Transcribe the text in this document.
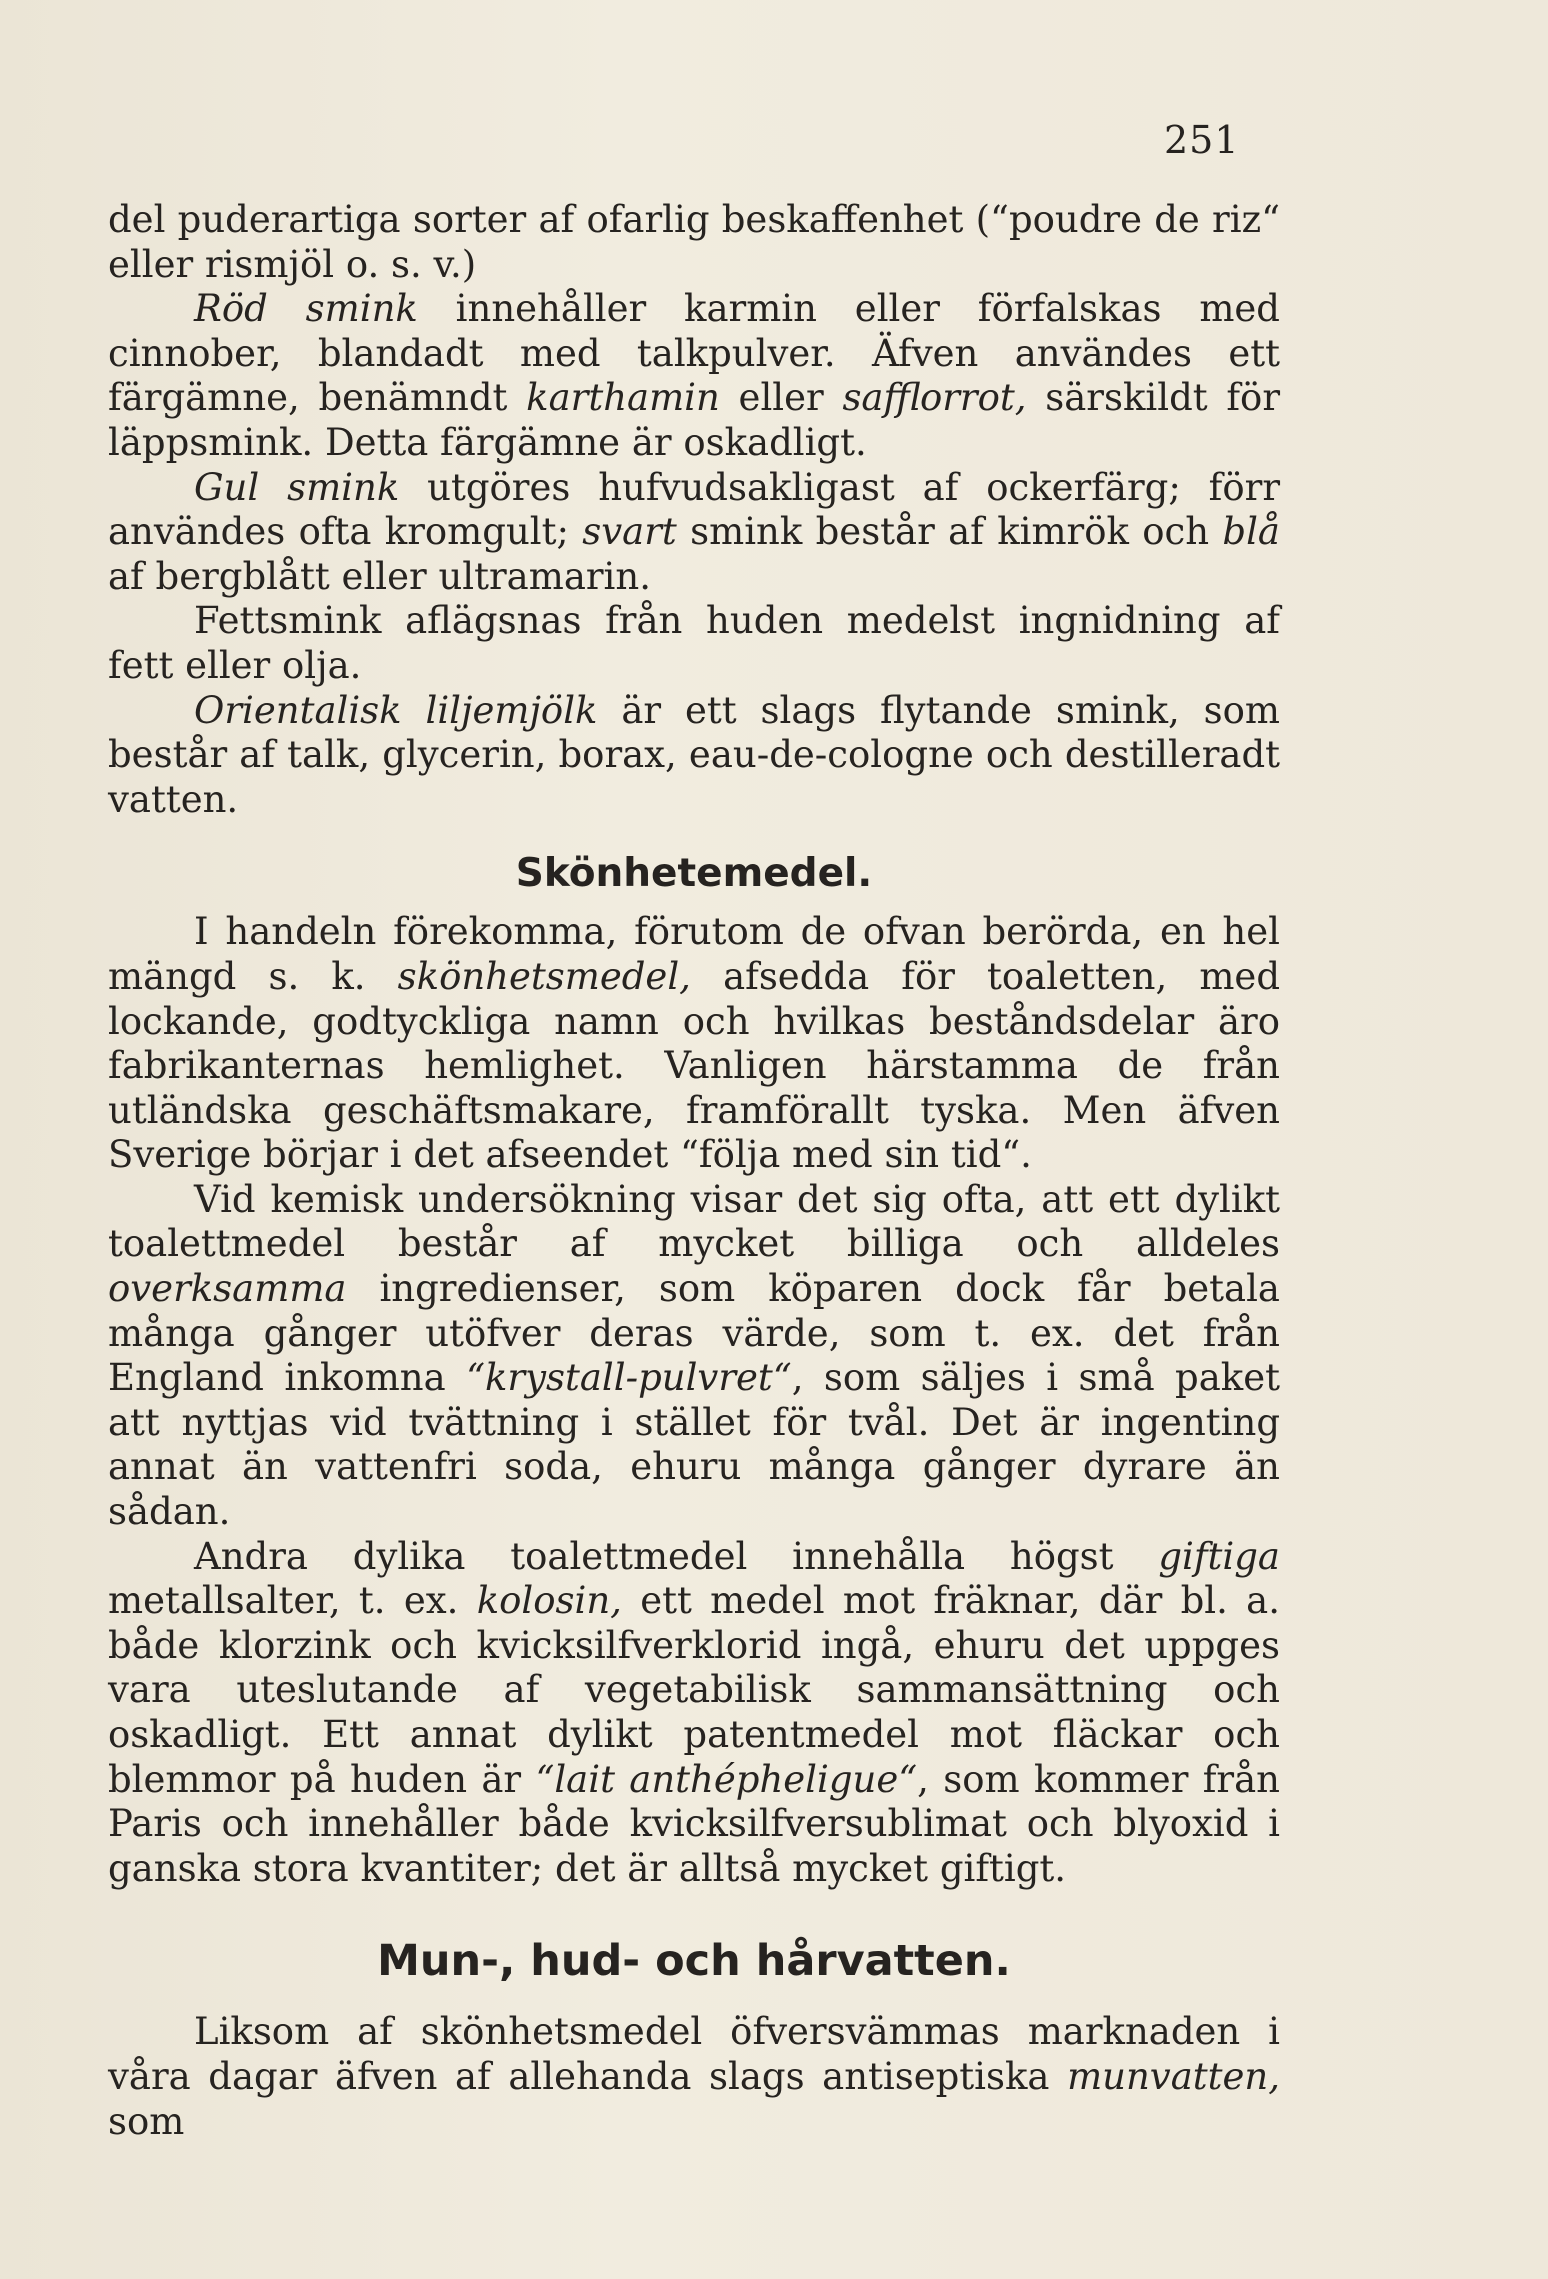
251

del puderartiga sorter af ofarlig beskaffenhet (“poudre de riz“ eller rismjöl o. s. v.)

Röd smink innehåller karmin eller förfalskas med cinnober, blandadt med talkpulver. Äfven användes ett färgämne, benämndt karthamin eller safflorrot, särskildt för läppsmink. Detta färgämne är oskadligt.

Gul smink utgöres hufvudsakligast af ockerfärg; förr användes ofta kromgult; svart smink består af kimrök och blå af bergblått eller ultramarin.

Fettsmink aflägsnas från huden medelst ingnidning af fett eller olja.

Orientalisk liljemjölk är ett slags flytande smink, som består af talk, glycerin, borax, eau-de-cologne och destilleradt vatten.

Skönhetemedel.

I handeln förekomma, förutom de ofvan berörda, en hel mängd s. k. skönhetsmedel, afsedda för toaletten, med lockande, godtyckliga namn och hvilkas beståndsdelar äro fabrikanternas hemlighet. Vanligen härstamma de från utländska geschäftsmakare, framförallt tyska. Men äfven Sverige börjar i det afseendet “följa med sin tid“.

Vid kemisk undersökning visar det sig ofta, att ett dylikt toalettmedel består af mycket billiga och alldeles overksamma ingredienser, som köparen dock får betala många gånger utöfver deras värde, som t. ex. det från England inkomna “krystall-pulvret“, som säljes i små paket att nyttjas vid tvättning i stället för tvål. Det är ingenting annat än vattenfri soda, ehuru många gånger dyrare än sådan.

Andra dylika toalettmedel innehålla högst giftiga metallsalter, t. ex. kolosin, ett medel mot fräknar, där bl. a. både klorzink och kvicksilfverklorid ingå, ehuru det uppges vara uteslutande af vegetabilisk sammansättning och oskadligt. Ett annat dylikt patentmedel mot fläckar och blemmor på huden är “lait anthépheligue“, som kommer från Paris och innehåller både kvicksilfversublimat och blyoxid i ganska stora kvantiter; det är alltså mycket giftigt.

Mun-, hud- och hårvatten.

Liksom af skönhetsmedel öfversvämmas marknaden i våra dagar äfven af allehanda slags antiseptiska munvatten, som
